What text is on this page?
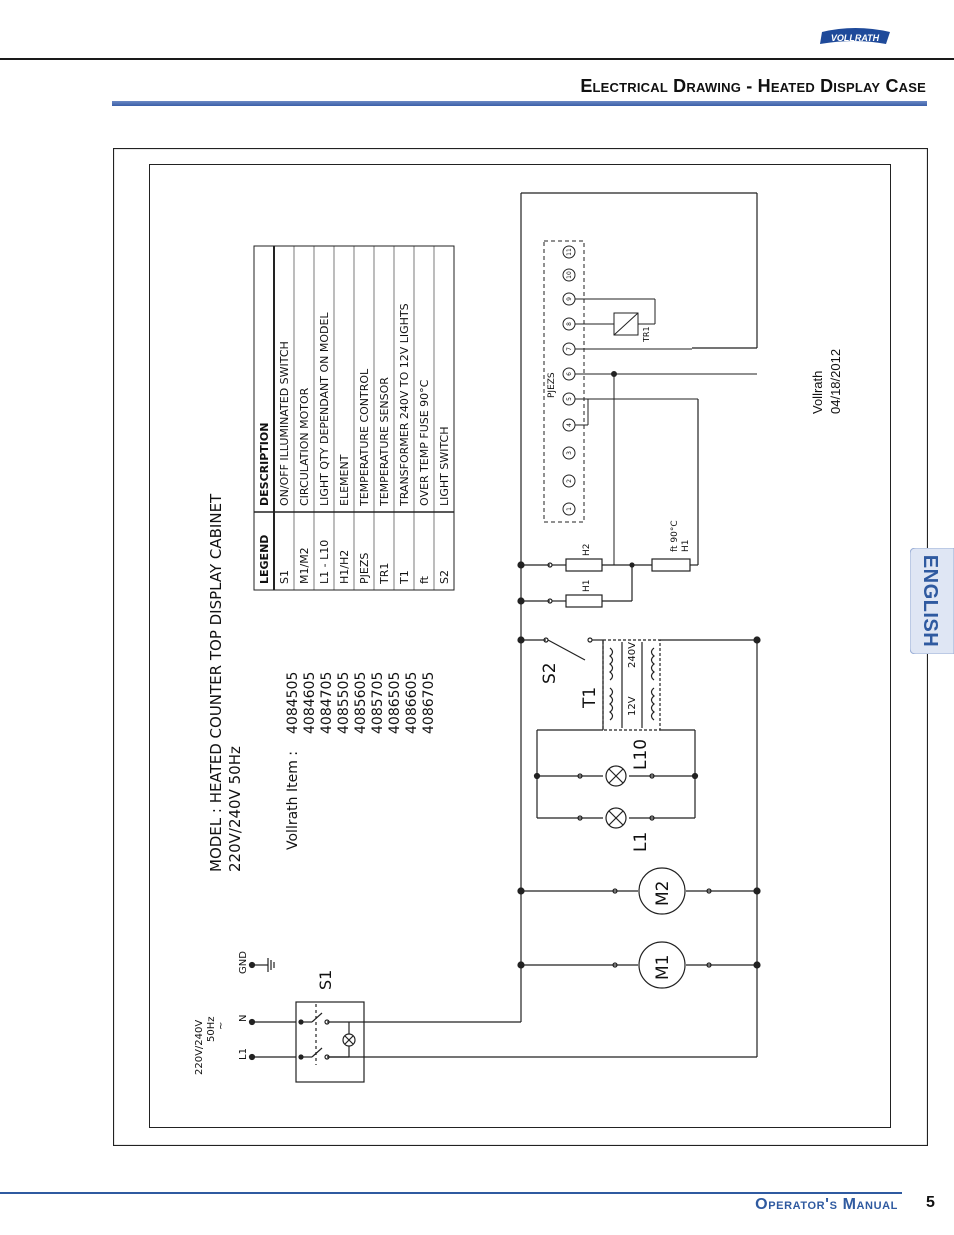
VOLLRATH
Electrical Drawing - Heated Display Case
MODEL : HEATED COUNTER TOP DISPLAY CABINET 220V/240V 50Hz	Vollrath Item :
4084505 4084605 4084705 4085505 4085605 4085705 4086505 4086605 4086705
LEGEND
DESCRIPTION
S1
ON/OFF ILLUMINATED SWITCH
M1/M2
CIRCULATION MOTOR
L1 - L10
LIGHT QTY DEPENDANT ON MODEL
H1/H2
ELEMENT
PJEZS
TEMPERATURE CONTROL
TR1
TEMPERATURE SENSOR
T1
TRANSFORMER 240V TO 12V LIGHTS
ft
OVER TEMP FUSE 90°C
S2
LIGHT SWITCH
220V/240V 50Hz ~
L1
N
GND
S1	M1
M2
L1
L10
T1	12V
240V
S2
H1
H2	ft 90°C H1
1
2
3
4
5
6
7
8
9
10
11
PJEZS
TR1
Vollrath 04/18/2012
ENGLISH
Operator's Manual 5
